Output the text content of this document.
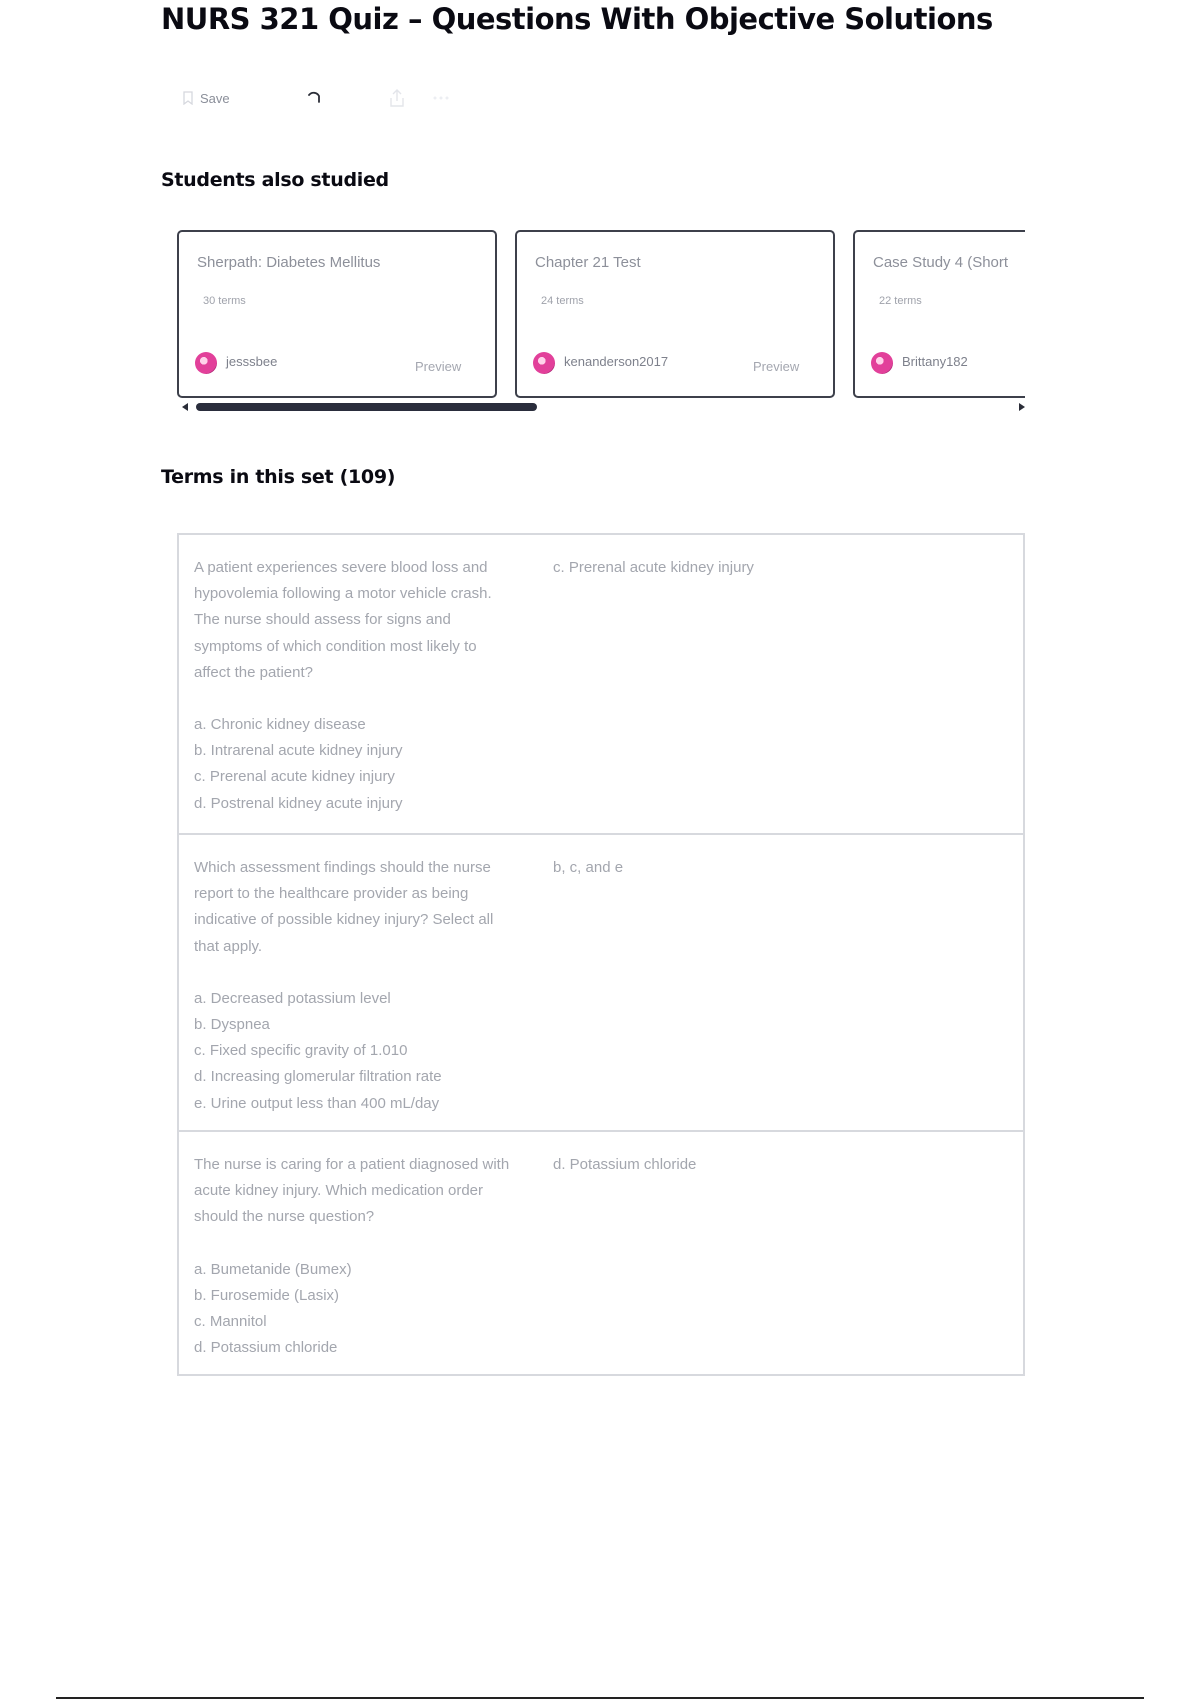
NURS 321 Quiz – Questions With Objective Solutions
Save
Students also studied
Sherpath: Diabetes Mellitus
30 terms
jesssbee	Preview
Chapter 21 Test
24 terms
kenanderson2017	Preview
Case Study 4 (Short
22 terms
Brittany182
Terms in this set (109)
A patient experiences severe blood loss and hypovolemia following a motor vehicle crash. The nurse should assess for signs and symptoms of which condition most likely to affect the patient?
a. Chronic kidney disease
b. Intrarenal acute kidney injury
c. Prerenal acute kidney injury
d. Postrenal kidney acute injury
c. Prerenal acute kidney injury
Which assessment findings should the nurse report to the healthcare provider as being indicative of possible kidney injury? Select all that apply.
a. Decreased potassium level
b. Dyspnea
c. Fixed specific gravity of 1.010
d. Increasing glomerular filtration rate
e. Urine output less than 400 mL/day
b, c, and e
The nurse is caring for a patient diagnosed with acute kidney injury. Which medication order should the nurse question?
a. Bumetanide (Bumex)
b. Furosemide (Lasix)
c. Mannitol
d. Potassium chloride
d. Potassium chloride
